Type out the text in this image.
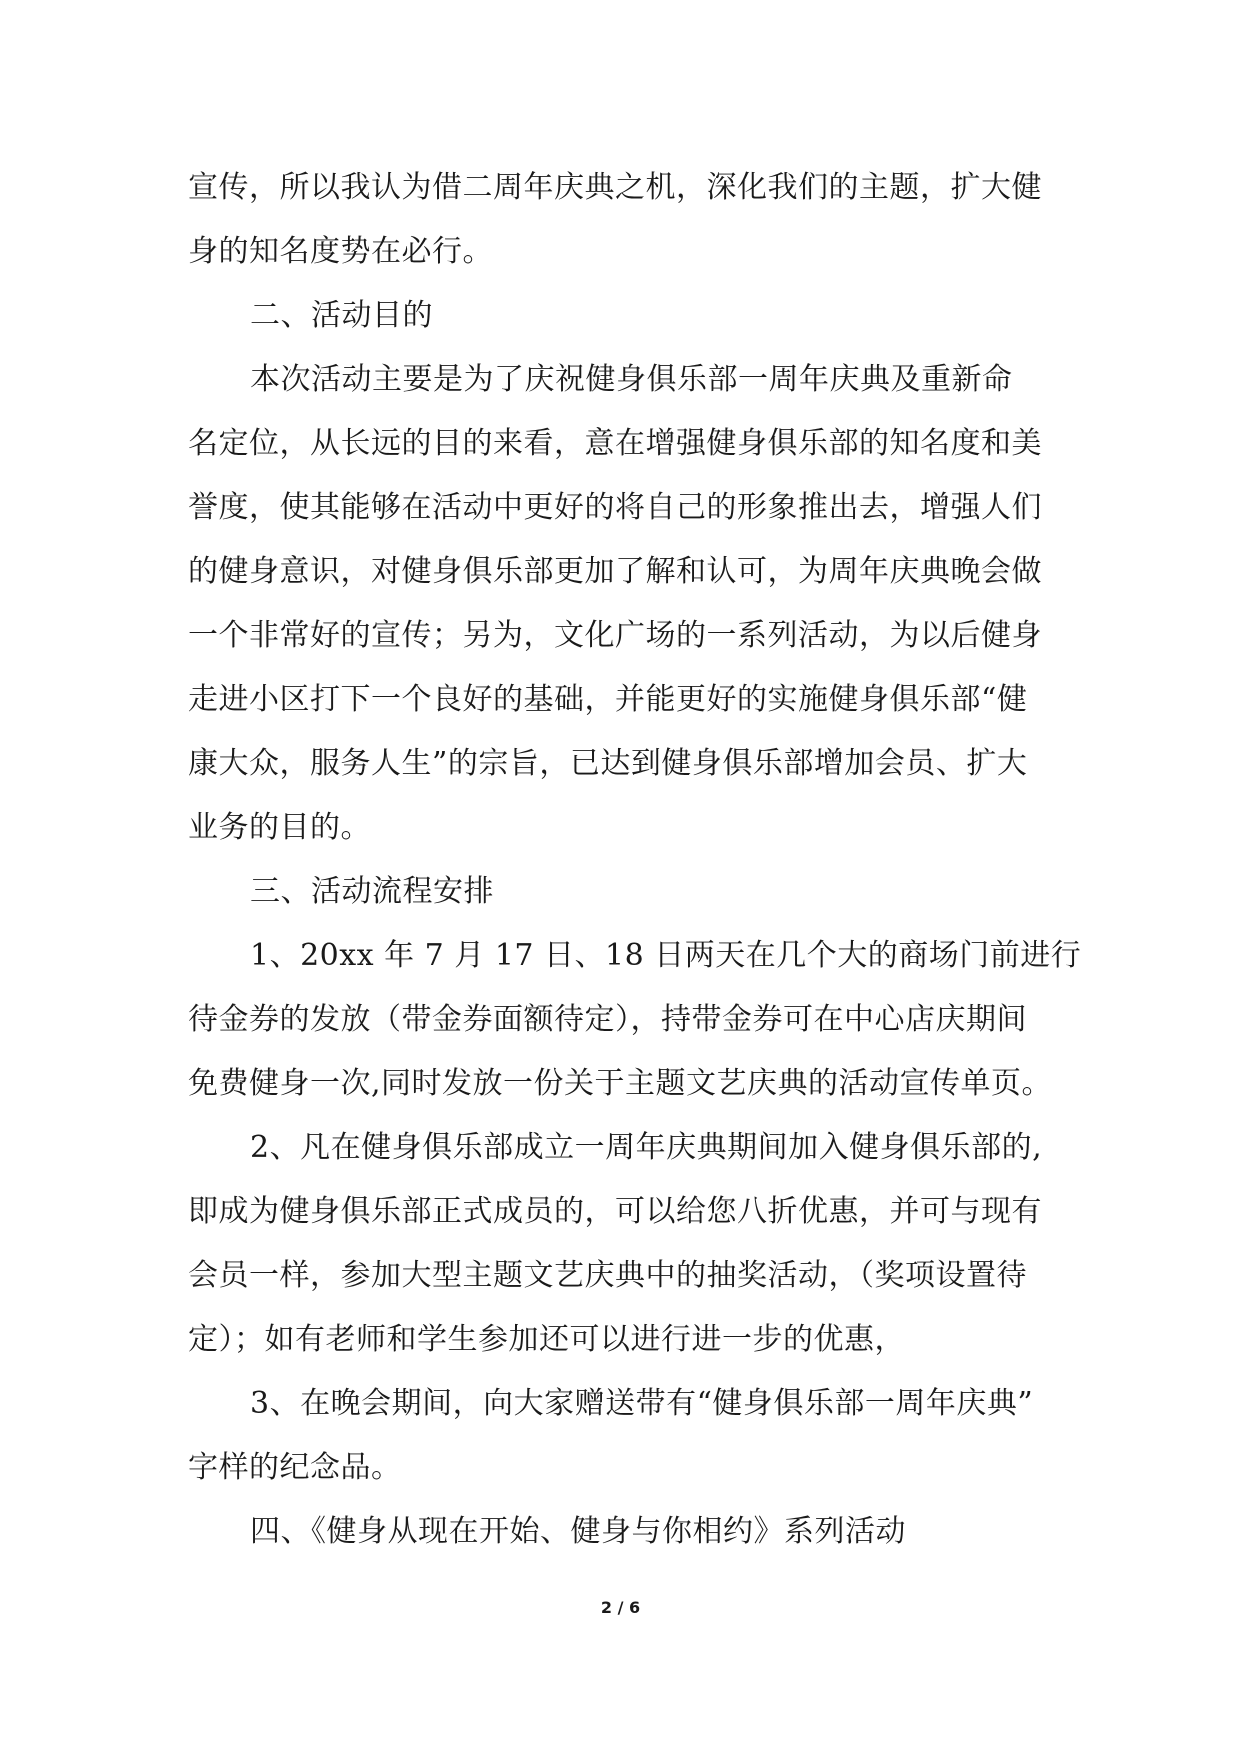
宣传，所以我认为借二周年庆典之机，深化我们的主题，扩大健
身的知名度势在必行。
二、活动目的
本次活动主要是为了庆祝健身俱乐部一周年庆典及重新命
名定位，从长远的目的来看，意在增强健身俱乐部的知名度和美
誉度，使其能够在活动中更好的将自己的形象推出去，增强人们
的健身意识，对健身俱乐部更加了解和认可，为周年庆典晚会做
一个非常好的宣传；另为，文化广场的一系列活动，为以后健身
走进小区打下一个良好的基础，并能更好的实施健身俱乐部“健
康大众，服务人生”的宗旨，已达到健身俱乐部增加会员、扩大
业务的目的。
三、活动流程安排
1、20xx 年 7 月 17 日、18 日两天在几个大的商场门前进行
待金券的发放（带金券面额待定），持带金券可在中心店庆期间
免费健身一次,同时发放一份关于主题文艺庆典的活动宣传单页。
2、凡在健身俱乐部成立一周年庆典期间加入健身俱乐部的,
即成为健身俱乐部正式成员的，可以给您八折优惠，并可与现有
会员一样，参加大型主题文艺庆典中的抽奖活动，（奖项设置待
定）；如有老师和学生参加还可以进行进一步的优惠，
3、在晚会期间，向大家赠送带有“健身俱乐部一周年庆典”
字样的纪念品。
四、《健身从现在开始、健身与你相约》系列活动
2 / 6
